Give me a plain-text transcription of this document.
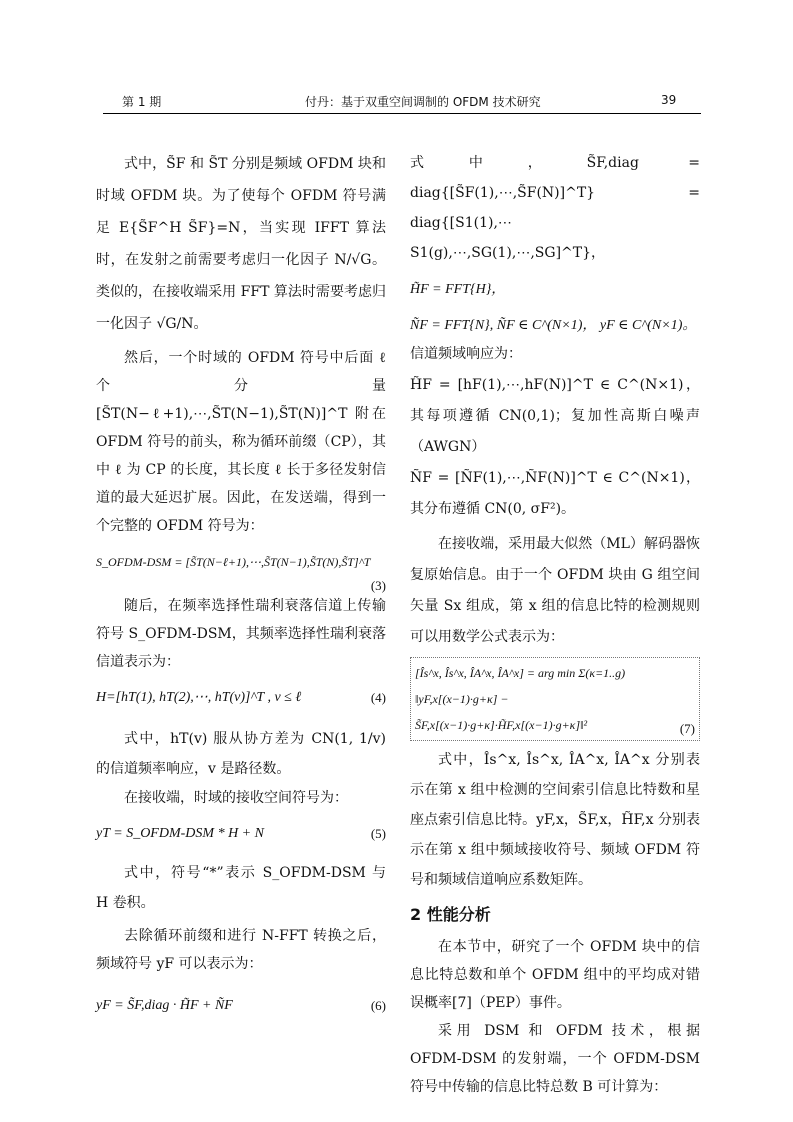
第 1 期	付丹：基于双重空间调制的 OFDM 技术研究	39

式中，S̃F 和 S̃T 分别是频域 OFDM 块和时域 OFDM 块。为了使每个 OFDM 符号满足 E{S̃F^H S̃F}=N，当实现 IFFT 算法时，在发射之前需要考虑归一化因子 N/√G。类似的，在接收端采用 FFT 算法时需要考虑归一化因子 √G/N。

然后，一个时域的 OFDM 符号中后面 ℓ 个分量 [S̃T(N−ℓ+1),⋯,S̃T(N−1),S̃T(N)]^T 附在 OFDM 符号的前头，称为循环前缀（CP），其中 ℓ 为 CP 的长度，其长度 ℓ 长于多径发射信道的最大延迟扩展。因此，在发送端，得到一个完整的 OFDM 符号为：

S_OFDM-DSM = [S̃T(N−ℓ+1),⋯,S̃T(N−1),S̃T(N),S̃T]^T
(3)

随后，在频率选择性瑞利衰落信道上传输符号 S_OFDM-DSM，其频率选择性瑞利衰落信道表示为：

H=[hT(1), hT(2),⋯, hT(v)]^T , v ≤ ℓ	(4)

式中，hT(v) 服从协方差为 CN(1, 1/v) 的信道频率响应，v 是路径数。

在接收端，时域的接收空间符号为：

yT = S_OFDM-DSM * H + N	(5)

式中，符号“*”表示 S_OFDM-DSM 与 H 卷积。

去除循环前缀和进行 N-FFT 转换之后，频域符号 yF 可以表示为：

yF = S̃F,diag · H̃F + ÑF	(6)

式中，S̃F,diag = diag{[S̃F(1),⋯,S̃F(N)]^T} = diag{[S1(1),⋯S1(g),⋯,SG(1),⋯,SG]^T}，

H̃F = FFT{H}，
ÑF = FFT{N}, ÑF ∈ C^(N×1)， yF ∈ C^(N×1)。

信道频域响应为：

H̃F = [hF(1),⋯,hF(N)]^T ∈ C^(N×1)，其每项遵循 CN(0,1)；复加性高斯白噪声（AWGN）

ÑF = [ÑF(1),⋯,ÑF(N)]^T ∈ C^(N×1)，其分布遵循 CN(0, σF²)。

在接收端，采用最大似然（ML）解码器恢复原始信息。由于一个 OFDM 块由 G 组空间矢量 Sx 组成，第 x 组的信息比特的检测规则可以用数学公式表示为：

[Îs^x, Îs^x, ÎA^x, ÎA^x] = arg min Σ(κ=1..g) ‖yF,x[(x−1)·g+κ] −
S̃F,x[(x−1)·g+κ]·H̃F,x[(x−1)·g+κ]‖²	(7)

式中，Îs^x, Îs^x, ÎA^x, ÎA^x 分别表示在第 x 组中检测的空间索引信息比特数和星座点索引信息比特。yF,x，S̃F,x，H̃F,x 分别表示在第 x 组中频域接收符号、频域 OFDM 符号和频域信道响应系数矩阵。

2 性能分析

在本节中，研究了一个 OFDM 块中的信息比特总数和单个 OFDM 组中的平均成对错误概率[7]（PEP）事件。

采用 DSM 和 OFDM 技术，根据 OFDM-DSM 的发射端，一个 OFDM-DSM 符号中传输的信息比特总数 B 可计算为：
